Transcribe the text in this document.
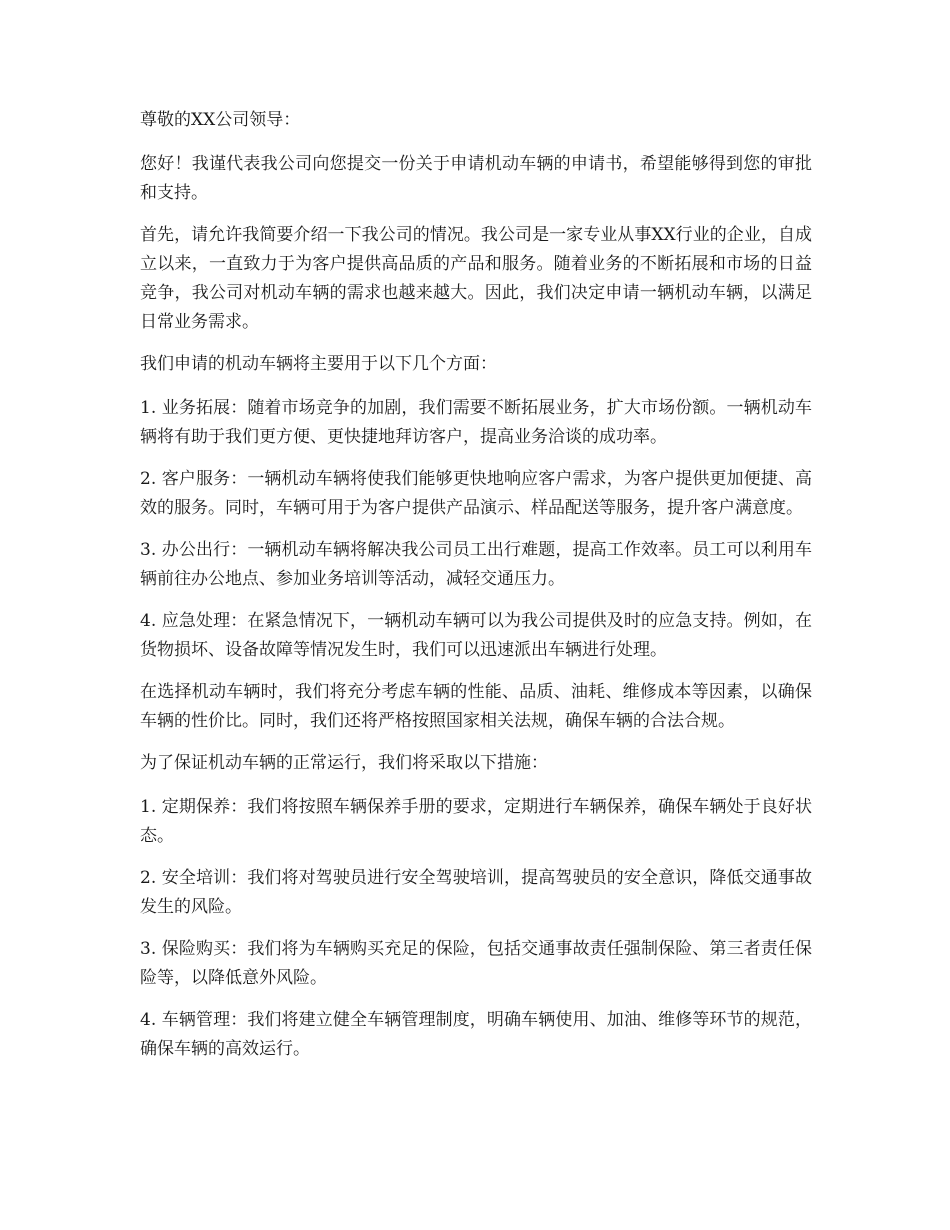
尊敬的XX公司领导：

您好！我谨代表我公司向您提交一份关于申请机动车辆的申请书，希望能够得到您的审批和支持。

首先，请允许我简要介绍一下我公司的情况。我公司是一家专业从事XX行业的企业，自成立以来，一直致力于为客户提供高品质的产品和服务。随着业务的不断拓展和市场的日益竞争，我公司对机动车辆的需求也越来越大。因此，我们决定申请一辆机动车辆，以满足日常业务需求。

我们申请的机动车辆将主要用于以下几个方面：

1. 业务拓展：随着市场竞争的加剧，我们需要不断拓展业务，扩大市场份额。一辆机动车辆将有助于我们更方便、更快捷地拜访客户，提高业务洽谈的成功率。

2. 客户服务：一辆机动车辆将使我们能够更快地响应客户需求，为客户提供更加便捷、高效的服务。同时，车辆可用于为客户提供产品演示、样品配送等服务，提升客户满意度。

3. 办公出行：一辆机动车辆将解决我公司员工出行难题，提高工作效率。员工可以利用车辆前往办公地点、参加业务培训等活动，减轻交通压力。

4. 应急处理：在紧急情况下，一辆机动车辆可以为我公司提供及时的应急支持。例如，在货物损坏、设备故障等情况发生时，我们可以迅速派出车辆进行处理。

在选择机动车辆时，我们将充分考虑车辆的性能、品质、油耗、维修成本等因素，以确保车辆的性价比。同时，我们还将严格按照国家相关法规，确保车辆的合法合规。

为了保证机动车辆的正常运行，我们将采取以下措施：

1. 定期保养：我们将按照车辆保养手册的要求，定期进行车辆保养，确保车辆处于良好状态。

2. 安全培训：我们将对驾驶员进行安全驾驶培训，提高驾驶员的安全意识，降低交通事故发生的风险。

3. 保险购买：我们将为车辆购买充足的保险，包括交通事故责任强制保险、第三者责任保险等，以降低意外风险。

4. 车辆管理：我们将建立健全车辆管理制度，明确车辆使用、加油、维修等环节的规范，确保车辆的高效运行。
